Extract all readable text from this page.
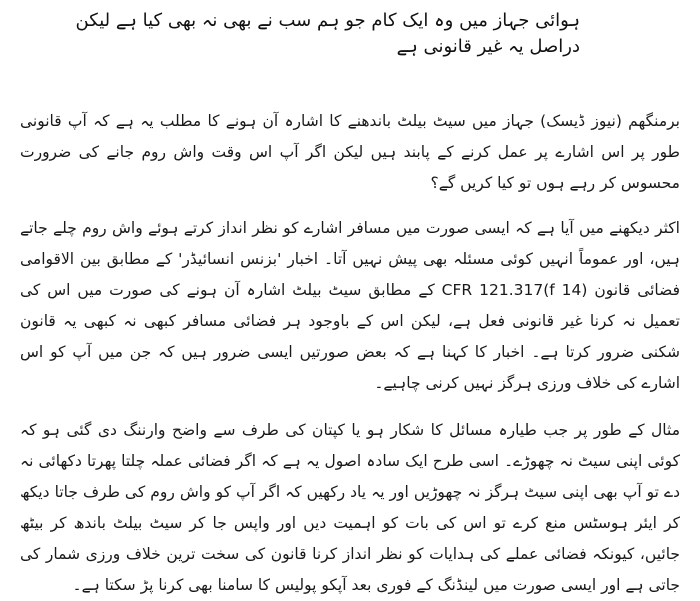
ہوائی جہاز میں وہ ایک کام جو ہم سب نے بھی نہ بھی کیا ہے لیکن دراصل یہ غیر قانونی ہے

برمنگھم (نیوز ڈیسک) جہاز میں سیٹ بیلٹ باندھنے کا اشارہ آن ہونے کا مطلب یہ ہے کہ آپ قانونی طور پر اس اشارے پر عمل کرنے کے پابند ہیں لیکن اگر آپ اس وقت واش روم جانے کی ضرورت محسوس کر رہے ہوں تو کیا کریں گے؟

اکثر دیکھنے میں آیا ہے کہ ایسی صورت میں مسافر اشارے کو نظر انداز کرتے ہوئے واش روم چلے جاتے ہیں، اور عموماً انہیں کوئی مسئلہ بھی پیش نہیں آتا۔ اخبار 'بزنس انسائیڈر' کے مطابق بین الاقوامی فضائی قانون CFR 121.317(f 14) کے مطابق سیٹ بیلٹ اشارہ آن ہونے کی صورت میں اس کی تعمیل نہ کرنا غیر قانونی فعل ہے، لیکن اس کے باوجود ہر فضائی مسافر کبھی نہ کبھی یہ قانون شکنی ضرور کرتا ہے۔ اخبار کا کہنا ہے کہ بعض صورتیں ایسی ضرور ہیں کہ جن میں آپ کو اس اشارے کی خلاف ورزی ہرگز نہیں کرنی چاہیے۔

مثال کے طور پر جب طیارہ مسائل کا شکار ہو یا کپتان کی طرف سے واضح وارننگ دی گئی ہو کہ کوئی اپنی سیٹ نہ چھوڑے۔ اسی طرح ایک سادہ اصول یہ ہے کہ اگر فضائی عملہ چلتا پھرتا دکھائی نہ دے تو آپ بھی اپنی سیٹ ہرگز نہ چھوڑیں اور یہ یاد رکھیں کہ اگر آپ کو واش روم کی طرف جاتا دیکھ کر ایئر ہوسٹس منع کرے تو اس کی بات کو اہمیت دیں اور واپس جا کر سیٹ بیلٹ باندھ کر بیٹھ جائیں، کیونکہ فضائی عملے کی ہدایات کو نظر انداز کرنا قانون کی سخت ترین خلاف ورزی شمار کی جاتی ہے اور ایسی صورت میں لینڈنگ کے فوری بعد آپکو پولیس کا سامنا بھی کرنا پڑ سکتا ہے۔
